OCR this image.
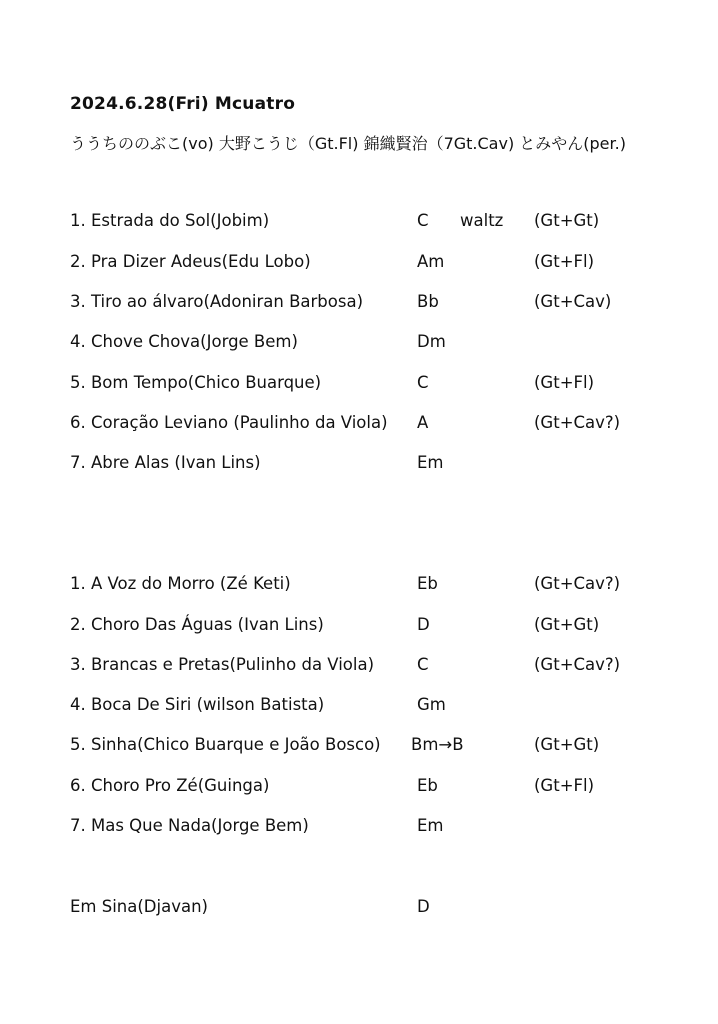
2024.6.28(Fri) Mcuatro
ううちののぶこ(vo) 大野こうじ（Gt.Fl) 錦織賢治（7Gt.Cav) とみやん(per.)
1. Estrada do Sol(Jobim)	C waltz (Gt+Gt)
2. Pra Dizer Adeus(Edu Lobo)	Am	(Gt+Fl)
3. Tiro ao álvaro(Adoniran Barbosa)	Bb	(Gt+Cav)
4. Chove Chova(Jorge Bem)	Dm
5. Bom Tempo(Chico Buarque)	C	(Gt+Fl)
6. Coração Leviano (Paulinho da Viola) A	(Gt+Cav?)
7. Abre Alas (Ivan Lins)	Em
1. A Voz do Morro (Zé Keti)	Eb	(Gt+Cav?)
2. Choro Das Águas (Ivan Lins)	D	(Gt+Gt)
3. Brancas e Pretas(Pulinho da Viola)	C	(Gt+Cav?)
4. Boca De Siri (wilson Batista)	Gm
5. Sinha(Chico Buarque e João Bosco) Bm→B	(Gt+Gt)
6. Choro Pro Zé(Guinga)	Eb	(Gt+Fl)
7. Mas Que Nada(Jorge Bem)	Em
Em Sina(Djavan)	D
